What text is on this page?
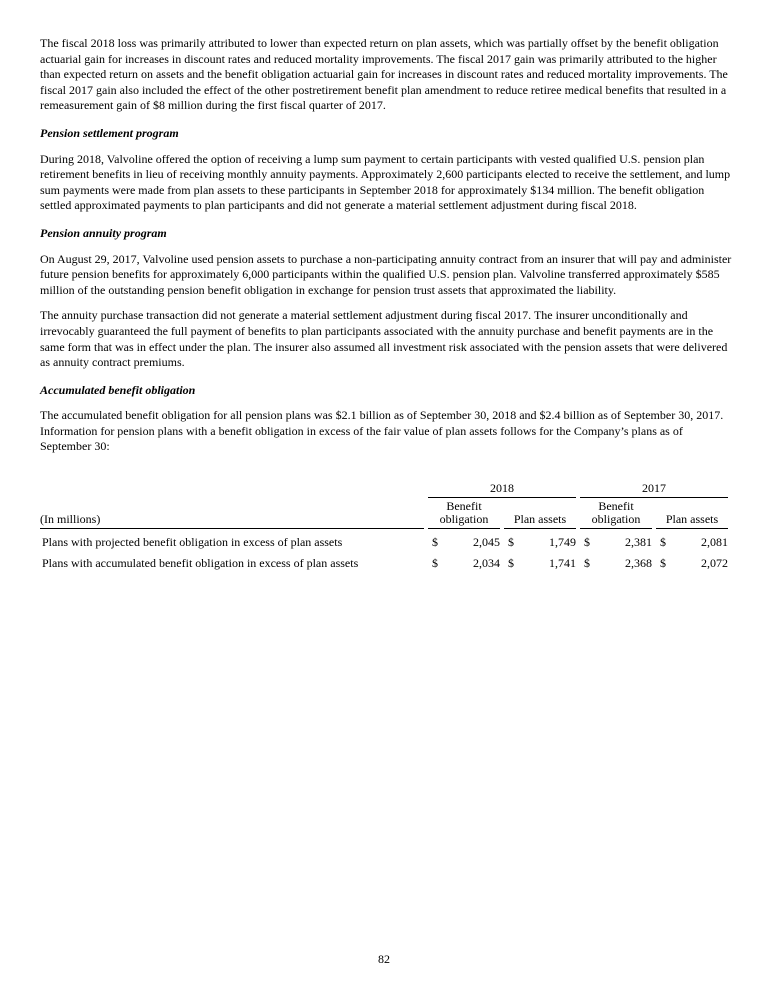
The fiscal 2018 loss was primarily attributed to lower than expected return on plan assets, which was partially offset by the benefit obligation actuarial gain for increases in discount rates and reduced mortality improvements. The fiscal 2017 gain was primarily attributed to the higher than expected return on assets and the benefit obligation actuarial gain for increases in discount rates and reduced mortality improvements. The fiscal 2017 gain also included the effect of the other postretirement benefit plan amendment to reduce retiree medical benefits that resulted in a remeasurement gain of $8 million during the first fiscal quarter of 2017.

Pension settlement program

During 2018, Valvoline offered the option of receiving a lump sum payment to certain participants with vested qualified U.S. pension plan retirement benefits in lieu of receiving monthly annuity payments. Approximately 2,600 participants elected to receive the settlement, and lump sum payments were made from plan assets to these participants in September 2018 for approximately $134 million. The benefit obligation settled approximated payments to plan participants and did not generate a material settlement adjustment during fiscal 2018.

Pension annuity program

On August 29, 2017, Valvoline used pension assets to purchase a non-participating annuity contract from an insurer that will pay and administer future pension benefits for approximately 6,000 participants within the qualified U.S. pension plan. Valvoline transferred approximately $585 million of the outstanding pension benefit obligation in exchange for pension trust assets that approximated the liability.

The annuity purchase transaction did not generate a material settlement adjustment during fiscal 2017. The insurer unconditionally and irrevocably guaranteed the full payment of benefits to plan participants associated with the annuity purchase and benefit payments are in the same form that was in effect under the plan. The insurer also assumed all investment risk associated with the pension assets that were delivered as annuity contract premiums.

Accumulated benefit obligation

The accumulated benefit obligation for all pension plans was $2.1 billion as of September 30, 2018 and $2.4 billion as of September 30, 2017. Information for pension plans with a benefit obligation in excess of the fair value of plan assets follows for the Company’s plans as of September 30:

2018	2017
(In millions)
Benefit obligation	Plan assets
Benefit obligation	Plan assets
Plans with projected benefit obligation in excess of plan assets	$	2,045 $	1,749 $	2,381 $	2,081
Plans with accumulated benefit obligation in excess of plan assets	$	2,034 $	1,741 $	2,368 $	2,072
82
